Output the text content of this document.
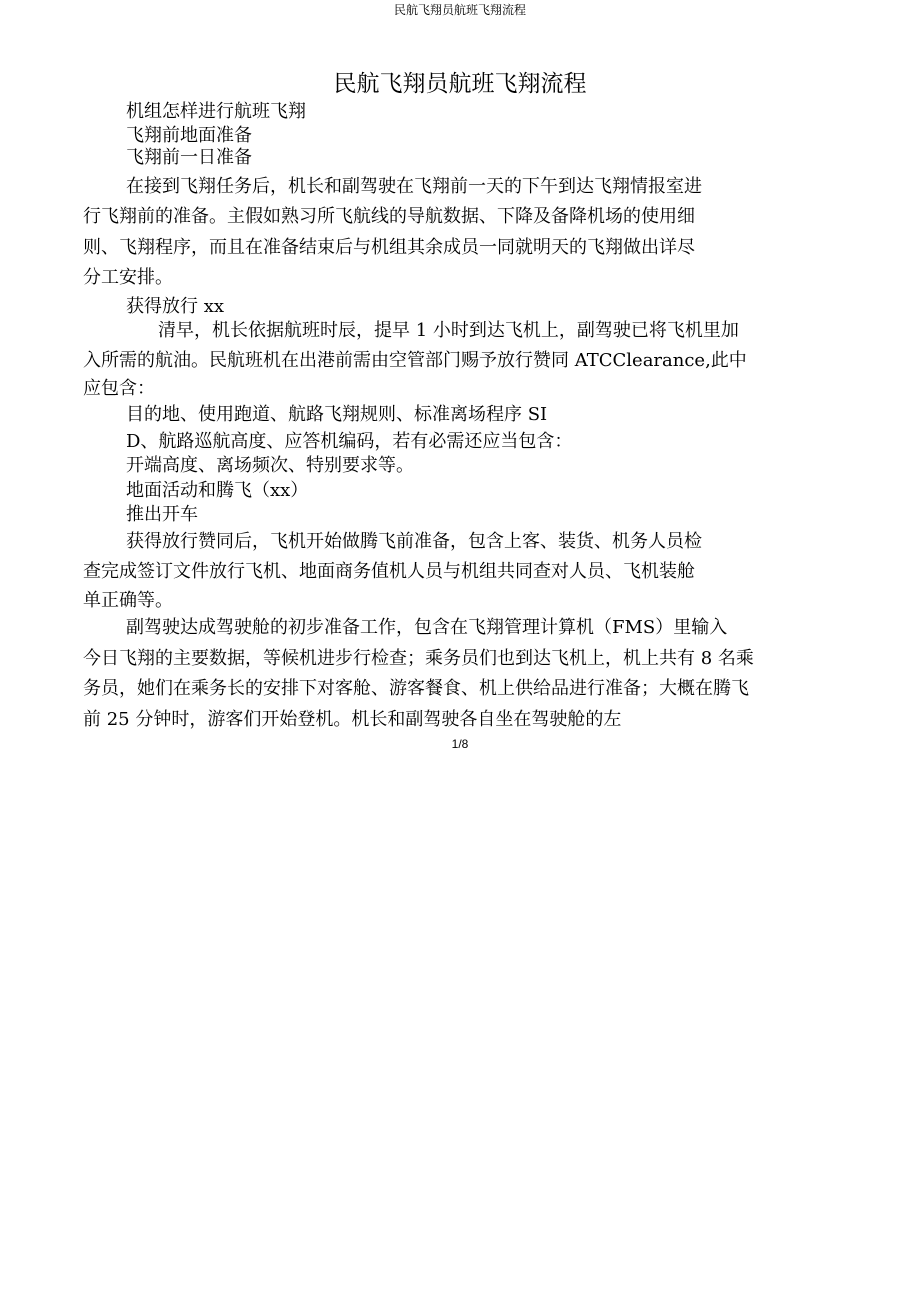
民航飞翔员航班飞翔流程
民航飞翔员航班飞翔流程

机组怎样进行航班飞翔

飞翔前地面准备

飞翔前一日准备

在接到飞翔任务后，机长和副驾驶在飞翔前一天的下午到达飞翔情报室进

行飞翔前的准备。主假如熟习所飞航线的导航数据、下降及备降机场的使用细

则、飞翔程序，而且在准备结束后与机组其余成员一同就明天的飞翔做出详尽

分工安排。

获得放行 xx

清早，机长依据航班时辰，提早 1 小时到达飞机上，副驾驶已将飞机里加

入所需的航油。民航班机在出港前需由空管部门赐予放行赞同 ATCClearance,此中

应包含：

目的地、使用跑道、航路飞翔规则、标准离场程序 SI

D、航路巡航高度、应答机编码，若有必需还应当包含：

开端高度、离场频次、特别要求等。

地面活动和腾飞（xx）

推出开车

获得放行赞同后，飞机开始做腾飞前准备，包含上客、装货、机务人员检

查完成签订文件放行飞机、地面商务值机人员与机组共同查对人员、飞机装舱

单正确等。

副驾驶达成驾驶舱的初步准备工作，包含在飞翔管理计算机（FMS）里输入

今日飞翔的主要数据，等候机进步行检查；乘务员们也到达飞机上，机上共有 8 名乘

务员，她们在乘务长的安排下对客舱、游客餐食、机上供给品进行准备；大概在腾飞

前 25 分钟时，游客们开始登机。机长和副驾驶各自坐在驾驶舱的左

1/8
